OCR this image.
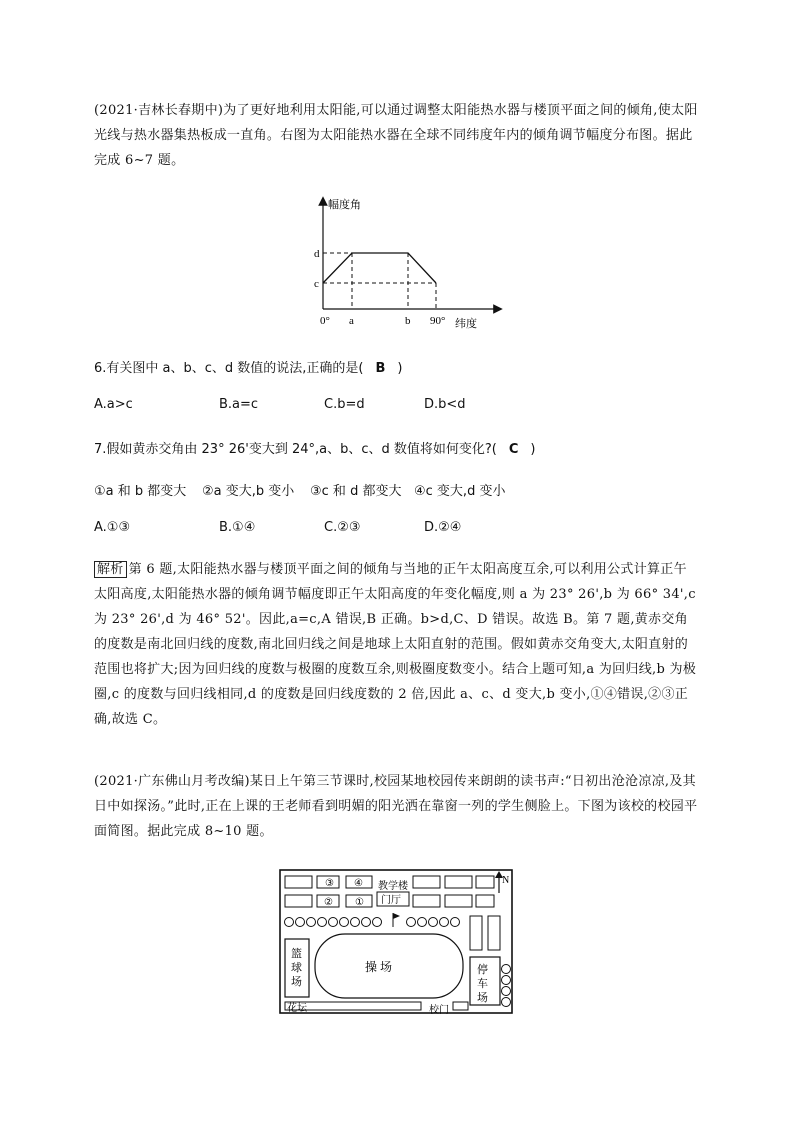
(2021·吉林长春期中)为了更好地利用太阳能,可以通过调整太阳能热水器与楼顶平面之间的倾角,使太阳光线与热水器集热板成一直角。右图为太阳能热水器在全球不同纬度年内的倾角调节幅度分布图。据此完成 6~7 题。
幅度角
d
c
0° a	b 90° 纬度
6.有关图中 a、b、c、d 数值的说法,正确的是( B )
A.a>c	B.a=c	C.b=d	D.b<d
7.假如黄赤交角由 23° 26'变大到 24°,a、b、c、d 数值将如何变化?( C )
①a 和 b 都变大 ②a 变大,b 变小 ③c 和 d 都变大 ④c 变大,d 变小
A.①③	B.①④	C.②③	D.②④
解析 第 6 题,太阳能热水器与楼顶平面之间的倾角与当地的正午太阳高度互余,可以利用公式计算正午太阳高度,太阳能热水器的倾角调节幅度即正午太阳高度的年变化幅度,则 a 为 23° 26',b 为 66° 34',c 为 23° 26',d 为 46° 52'。因此,a=c,A 错误,B 正确。b>d,C、D 错误。故选 B。第 7 题,黄赤交角的度数是南北回归线的度数,南北回归线之间是地球上太阳直射的范围。假如黄赤交角变大,太阳直射的范围也将扩大;因为回归线的度数与极圈的度数互余,则极圈度数变小。结合上题可知,a 为回归线,b 为极圈,c 的度数与回归线相同,d 的度数是回归线度数的 2 倍,因此 a、c、d 变大,b 变小,①④错误,②③正确,故选 C。
(2021·广东佛山月考改编)某日上午第三节课时,校园某地校园传来朗朗的读书声:“日初出沧沧凉凉,及其日中如探汤。”此时,正在上课的王老师看到明媚的阳光洒在靠窗一列的学生侧脸上。下图为该校的校园平面简图。据此完成 8~10 题。
N
③ ④ 教学楼
② ① 门厅
篮球场
操 场	停车场
花坛	校门
